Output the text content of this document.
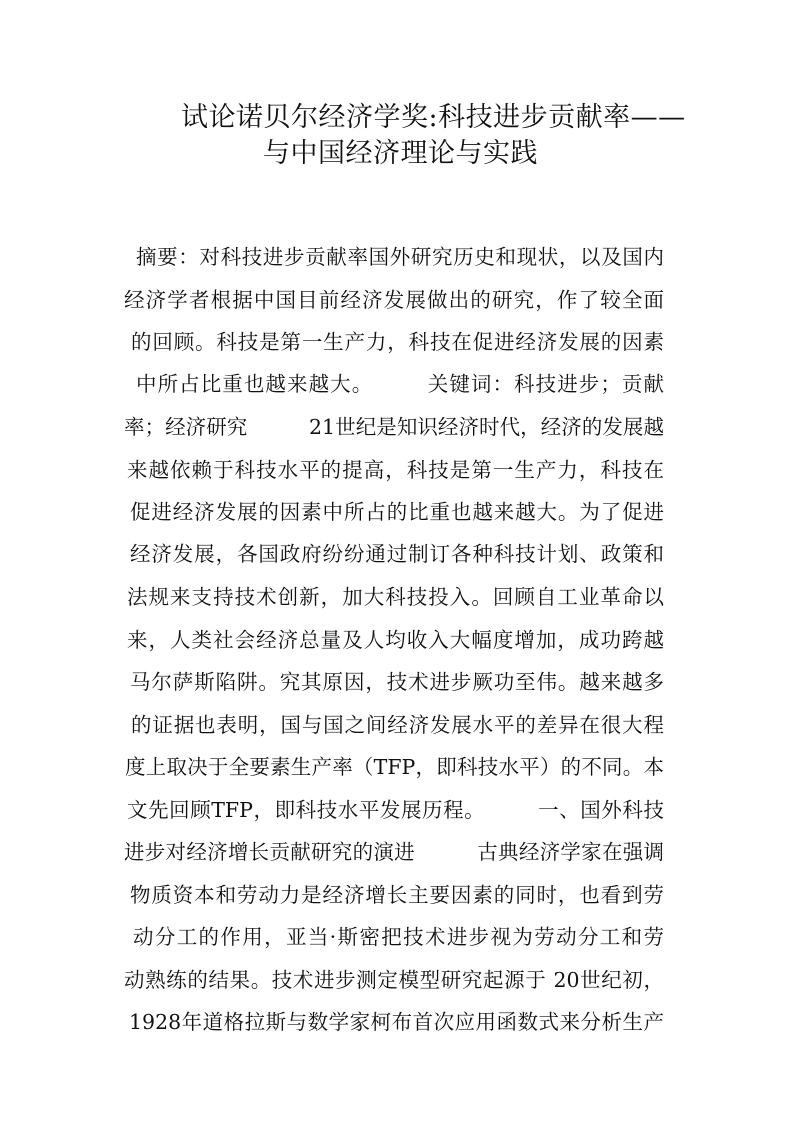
试论诺贝尔经济学奖:科技进步贡献率——
与中国经济理论与实践
摘要：对科技进步贡献率国外研究历史和现状，以及国内
经济学者根据中国目前经济发展做出的研究，作了较全面
的回顾。科技是第一生产力，科技在促进经济发展的因素
中所占比重也越来越大。　　　关键词：科技进步；贡献
率；经济研究　　　21世纪是知识经济时代，经济的发展越
来越依赖于科技水平的提高，科技是第一生产力，科技在
促进经济发展的因素中所占的比重也越来越大。为了促进
经济发展，各国政府纷纷通过制订各种科技计划、政策和
法规来支持技术创新，加大科技投入。回顾自工业革命以
来，人类社会经济总量及人均收入大幅度增加，成功跨越
马尔萨斯陷阱。究其原因，技术进步厥功至伟。越来越多
的证据也表明，国与国之间经济发展水平的差异在很大程
度上取决于全要素生产率（TFP，即科技水平）的不同。本
文先回顾TFP，即科技水平发展历程。　　　一、国外科技
进步对经济增长贡献研究的演进　　　古典经济学家在强调
物质资本和劳动力是经济增长主要因素的同时，也看到劳
动分工的作用，亚当·斯密把技术进步视为劳动分工和劳
动熟练的结果。技术进步测定模型研究起源于 20世纪初，
1928年道格拉斯与数学家柯布首次应用函数式来分析生产
